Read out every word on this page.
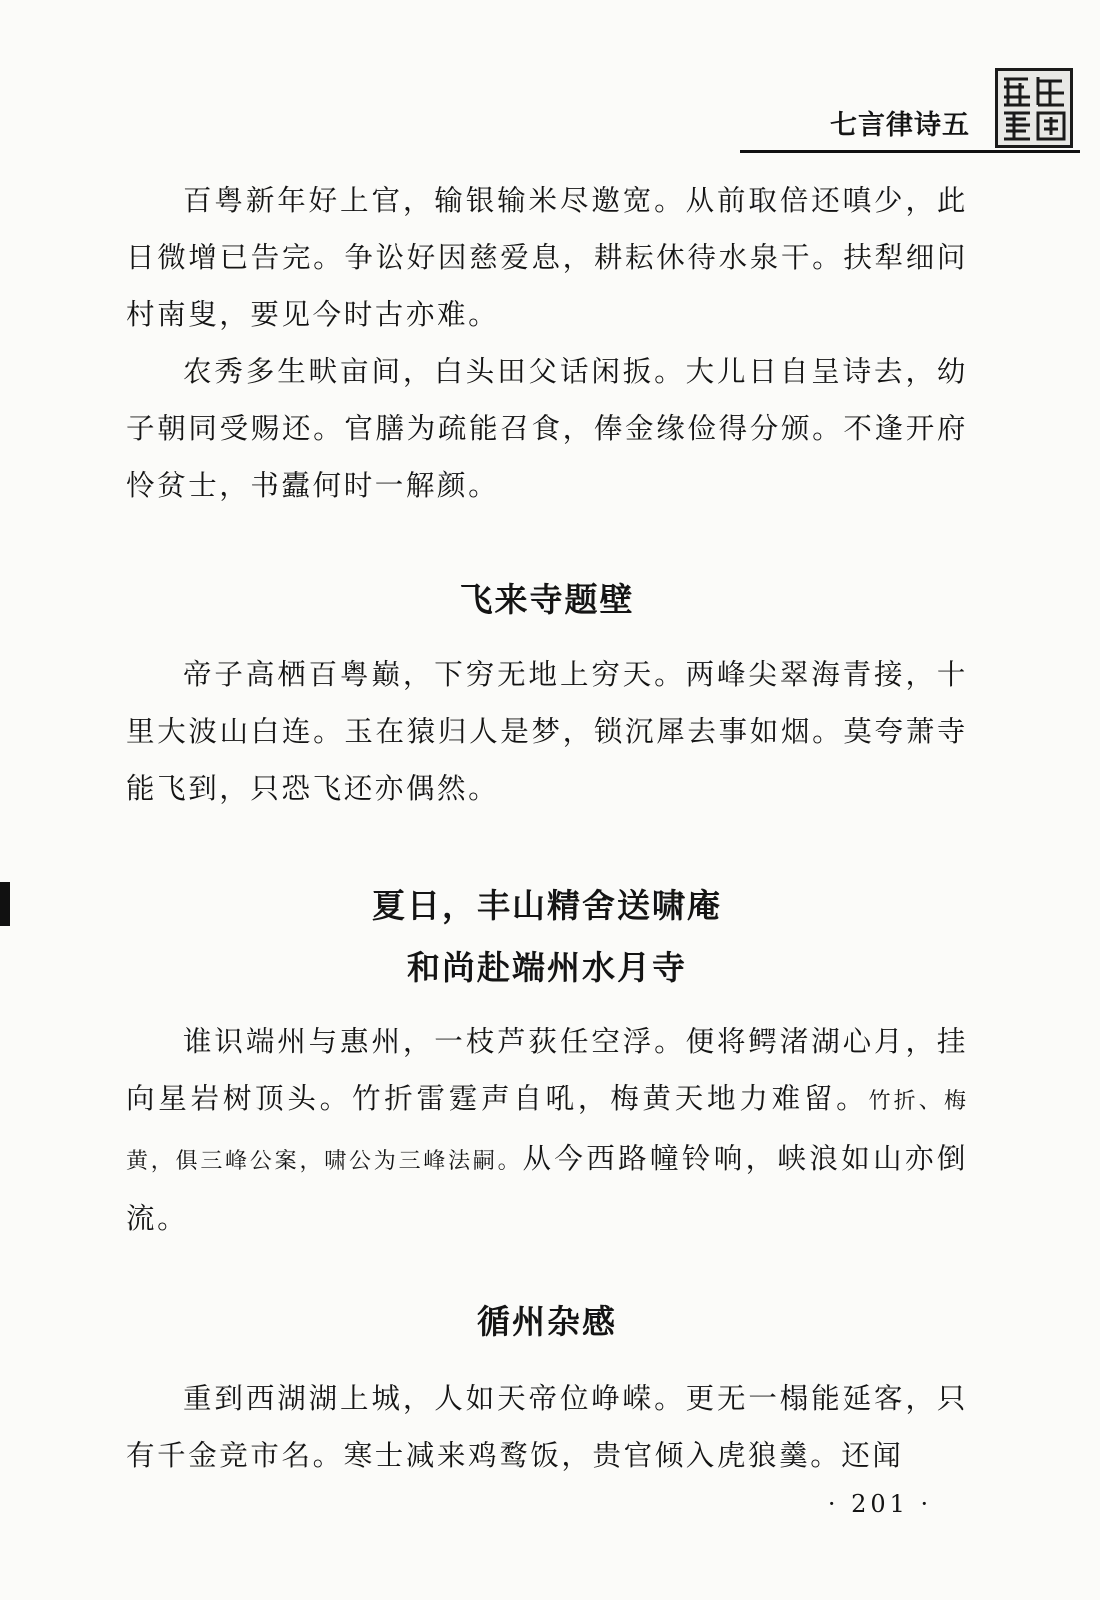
七言律诗五

百粤新年好上官，输银输米尽邀宽。从前取倍还嗔少，此日微增已告完。争讼好因慈爱息，耕耘休待水泉干。扶犁细问村南叟，要见今时古亦难。

农秀多生畎亩间，白头田父话闲扳。大儿日自呈诗去，幼子朝同受赐还。官膳为疏能召食，俸金缘俭得分颁。不逢开府怜贫士，书蠹何时一解颜。

飞来寺题壁

帝子高栖百粤巅，下穷无地上穷天。两峰尖翠海青接，十里大波山白连。玉在猿归人是梦，锁沉犀去事如烟。莫夸萧寺能飞到，只恐飞还亦偶然。

夏日，丰山精舍送啸庵
和尚赴端州水月寺

谁识端州与惠州，一枝芦荻任空浮。便将鳄渚湖心月，挂向星岩树顶头。竹折雷霆声自吼，梅黄天地力难留。竹折、梅黄，俱三峰公案，啸公为三峰法嗣。从今西路幢铃响，峡浪如山亦倒流。

循州杂感

重到西湖湖上城，人如天帝位峥嵘。更无一榻能延客，只有千金竞市名。寒士减来鸡鹜饭，贵官倾入虎狼羹。还闻

· 201 ·
